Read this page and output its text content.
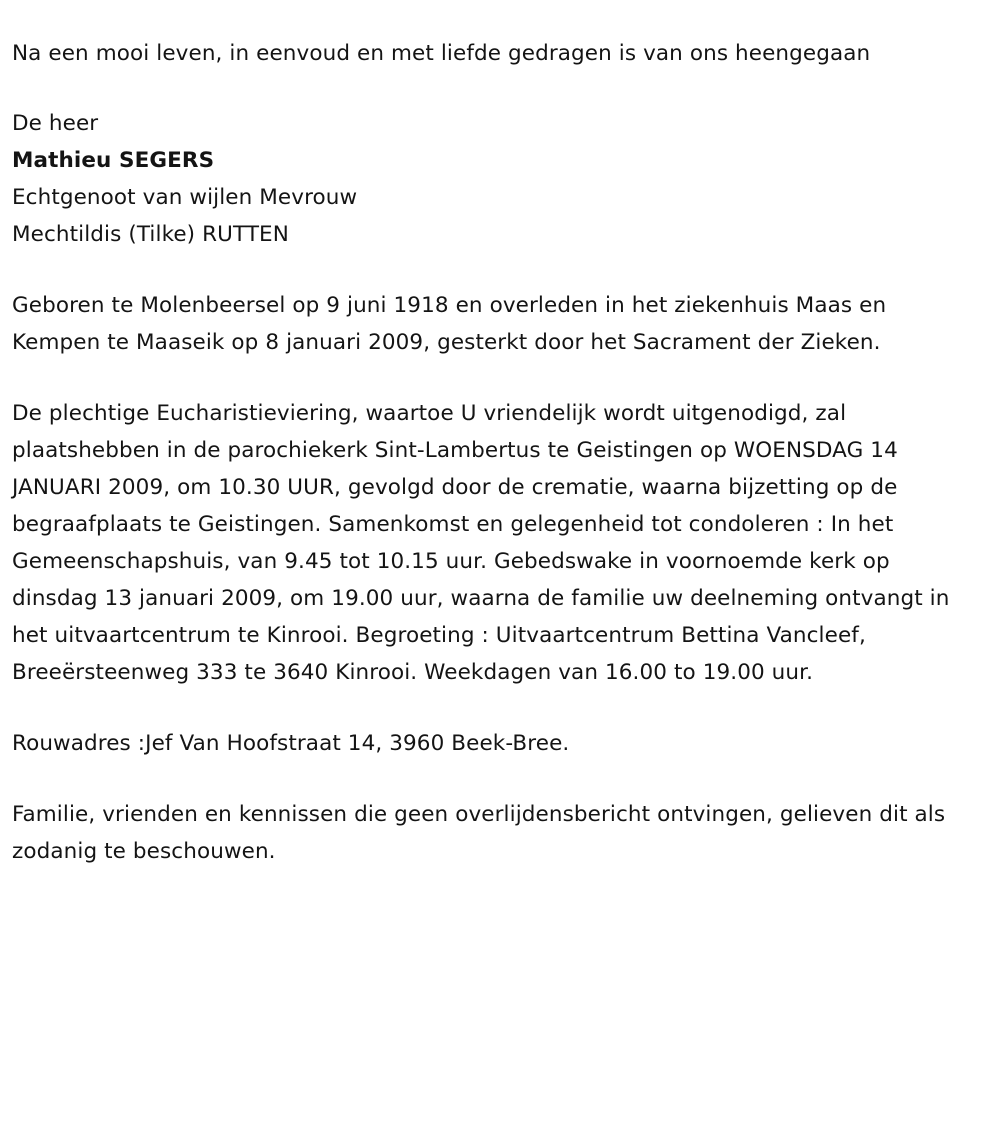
Na een mooi leven, in eenvoud en met liefde gedragen is van ons heengegaan

De heer
Mathieu SEGERS
Echtgenoot van wijlen Mevrouw
Mechtildis (Tilke) RUTTEN

Geboren te Molenbeersel op 9 juni 1918 en overleden in het ziekenhuis Maas en Kempen te Maaseik op 8 januari 2009, gesterkt door het Sacrament der Zieken.

De plechtige Eucharistieviering, waartoe U vriendelijk wordt uitgenodigd, zal plaatshebben in de parochiekerk Sint-Lambertus te Geistingen op WOENSDAG 14 JANUARI 2009, om 10.30 UUR, gevolgd door de crematie, waarna bijzetting op de begraafplaats te Geistingen. Samenkomst en gelegenheid tot condoleren : In het Gemeenschapshuis, van 9.45 tot 10.15 uur. Gebedswake in voornoemde kerk op dinsdag 13 januari 2009, om 19.00 uur, waarna de familie uw deelneming ontvangt in het uitvaartcentrum te Kinrooi. Begroeting : Uitvaartcentrum Bettina Vancleef, Breeërsteenweg 333 te 3640 Kinrooi. Weekdagen van 16.00 to 19.00 uur.

Rouwadres :Jef Van Hoofstraat 14, 3960 Beek-Bree.

Familie, vrienden en kennissen die geen overlijdensbericht ontvingen, gelieven dit als zodanig te beschouwen.
